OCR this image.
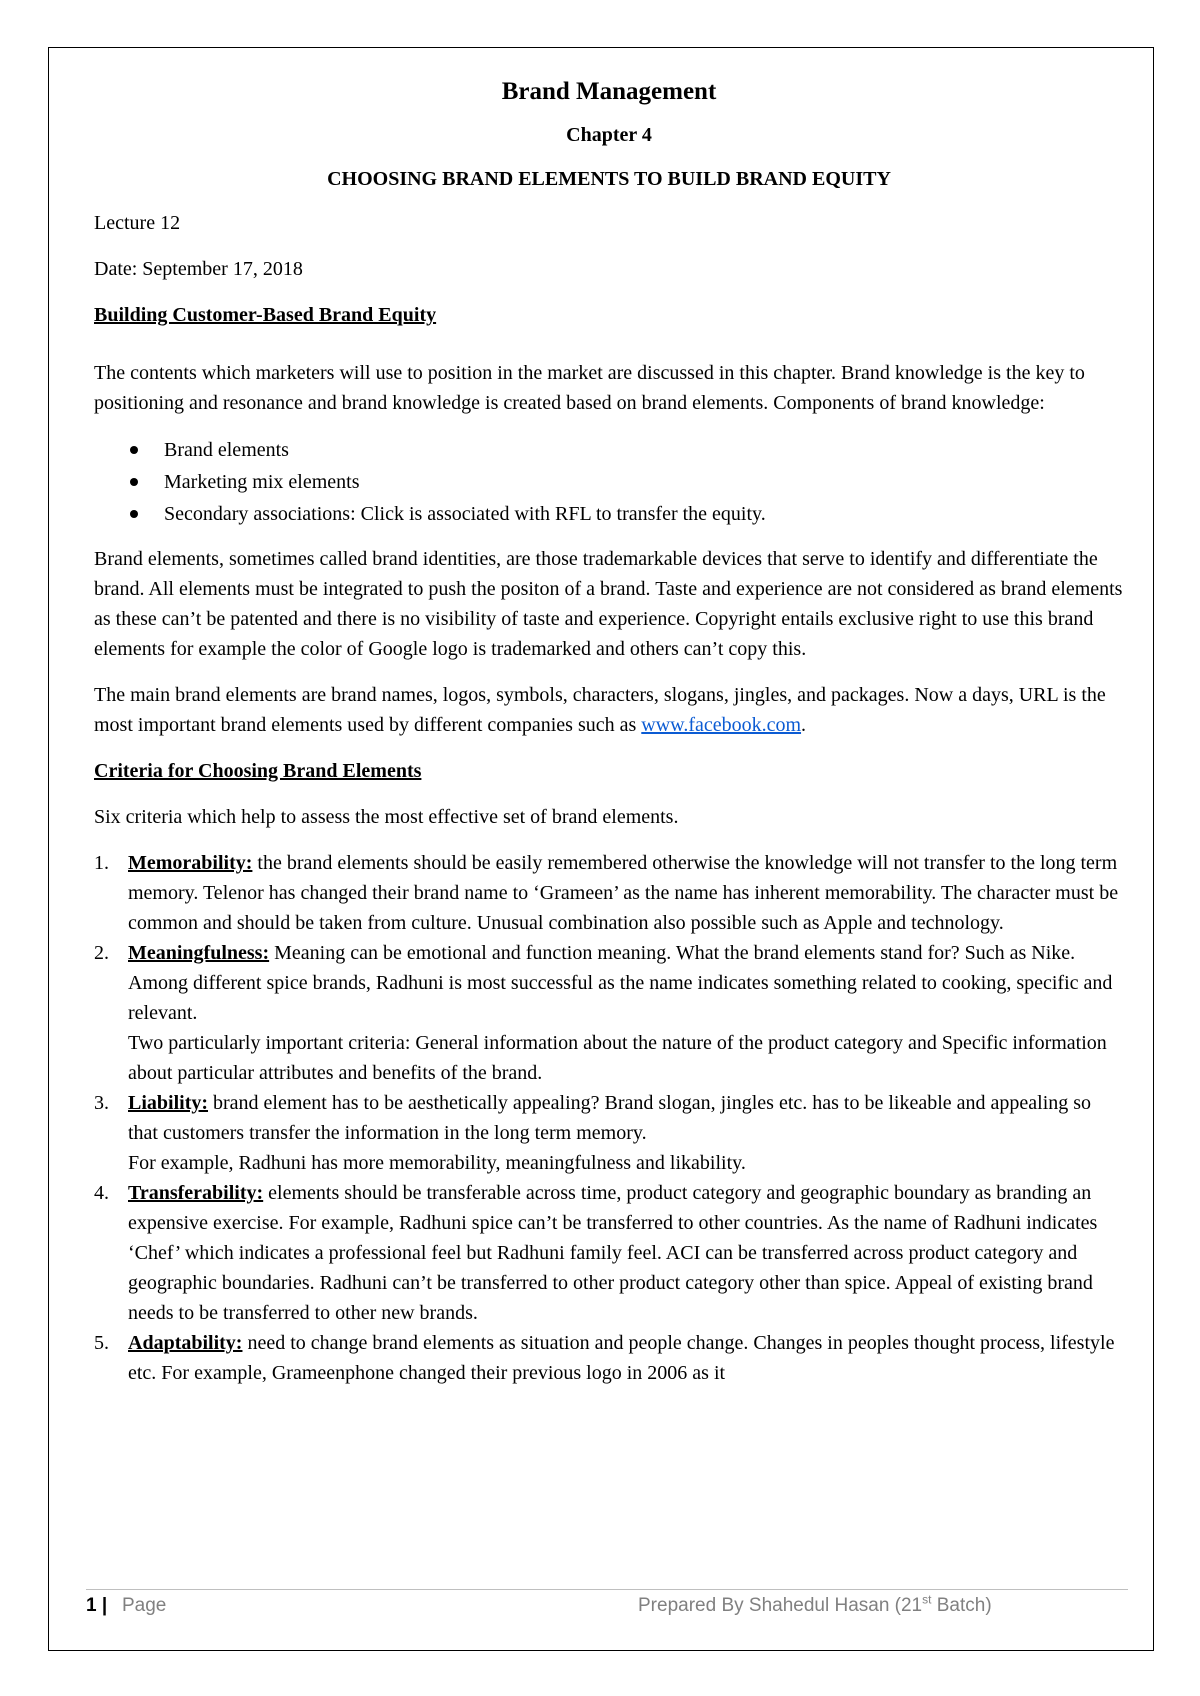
Brand Management
Chapter 4
CHOOSING BRAND ELEMENTS TO BUILD BRAND EQUITY

Lecture 12

Date: September 17, 2018

Building Customer-Based Brand Equity

The contents which marketers will use to position in the market are discussed in this chapter. Brand knowledge is the key to positioning and resonance and brand knowledge is created based on brand elements. Components of brand knowledge:

Brand elements
Marketing mix elements
Secondary associations: Click is associated with RFL to transfer the equity.

Brand elements, sometimes called brand identities, are those trademarkable devices that serve to identify and differentiate the brand. All elements must be integrated to push the positon of a brand. Taste and experience are not considered as brand elements as these can’t be patented and there is no visibility of taste and experience. Copyright entails exclusive right to use this brand elements for example the color of Google logo is trademarked and others can’t copy this.

The main brand elements are brand names, logos, symbols, characters, slogans, jingles, and packages. Now a days, URL is the most important brand elements used by different companies such as www.facebook.com.

Criteria for Choosing Brand Elements

Six criteria which help to assess the most effective set of brand elements.

1. Memorability: the brand elements should be easily remembered otherwise the knowledge will not transfer to the long term memory. Telenor has changed their brand name to ‘Grameen’ as the name has inherent memorability. The character must be common and should be taken from culture. Unusual combination also possible such as Apple and technology.
2. Meaningfulness: Meaning can be emotional and function meaning. What the brand elements stand for? Such as Nike. Among different spice brands, Radhuni is most successful as the name indicates something related to cooking, specific and relevant.
Two particularly important criteria: General information about the nature of the product category and Specific information about particular attributes and benefits of the brand.
3. Liability: brand element has to be aesthetically appealing? Brand slogan, jingles etc. has to be likeable and appealing so that customers transfer the information in the long term memory.
For example, Radhuni has more memorability, meaningfulness and likability.
4. Transferability: elements should be transferable across time, product category and geographic boundary as branding an expensive exercise. For example, Radhuni spice can’t be transferred to other countries. As the name of Radhuni indicates ‘Chef’ which indicates a professional feel but Radhuni family feel. ACI can be transferred across product category and geographic boundaries. Radhuni can’t be transferred to other product category other than spice. Appeal of existing brand needs to be transferred to other new brands.
5. Adaptability: need to change brand elements as situation and people change. Changes in peoples thought process, lifestyle etc. For example, Grameenphone changed their previous logo in 2006 as it
1 | Page	Prepared By Shahedul Hasan (21st Batch)
